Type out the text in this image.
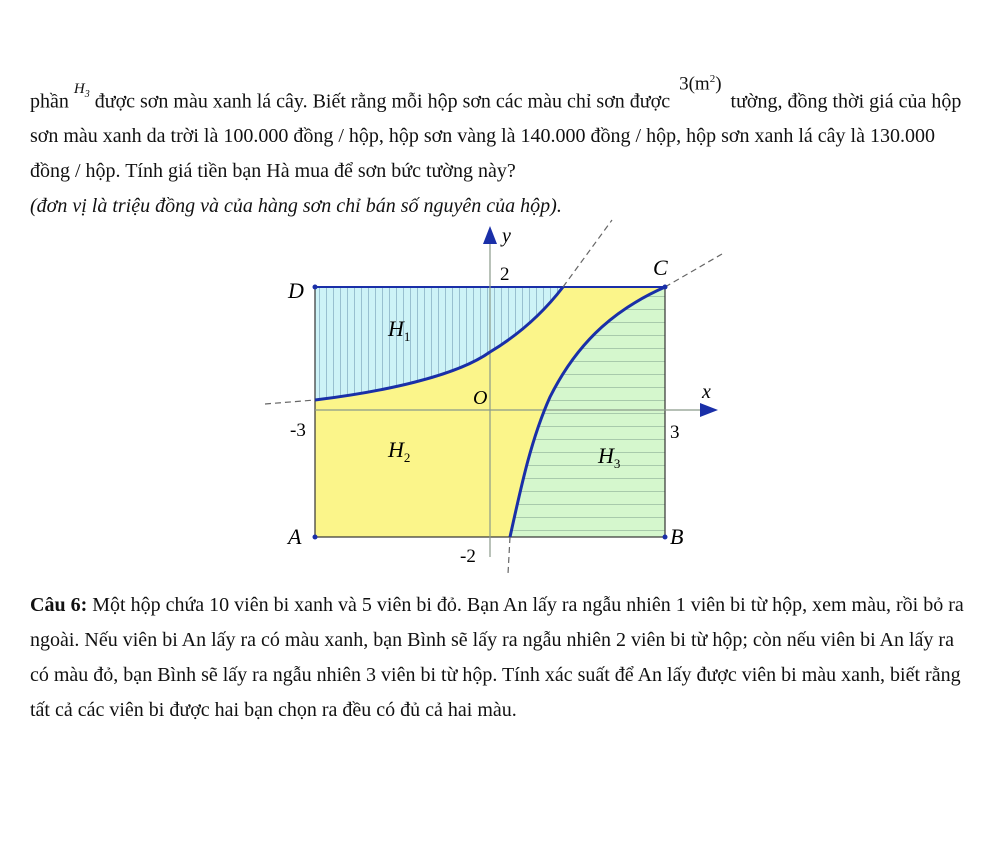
phần $^{H_3}$ được sơn màu xanh lá cây. Biết rằng mỗi hộp sơn các màu chỉ sơn được $3(m^2)$ tường, đồng thời giá của hộp sơn màu xanh da trời là 100.000 đồng / hộp, hộp sơn vàng là 140.000 đồng / hộp, hộp sơn xanh lá cây là 130.000 đồng / hộp. Tính giá tiền bạn Hà mua để sơn bức tường này?
(đơn vị là triệu đồng và của hàng sơn chỉ bán số nguyên của hộp).

y
x
O
2
-2
-3	3
D
C
A	B
$H_1$
$H_2$	$H_3$

Câu 6: Một hộp chứa 10 viên bi xanh và 5 viên bi đỏ. Bạn An lấy ra ngẫu nhiên 1 viên bi từ hộp, xem màu, rồi bỏ ra ngoài. Nếu viên bi An lấy ra có màu xanh, bạn Bình sẽ lấy ra ngẫu nhiên 2 viên bi từ hộp; còn nếu viên bi An lấy ra có màu đỏ, bạn Bình sẽ lấy ra ngẫu nhiên 3 viên bi từ hộp. Tính xác suất để An lấy được viên bi màu xanh, biết rằng tất cả các viên bi được hai bạn chọn ra đều có đủ cả hai màu.
